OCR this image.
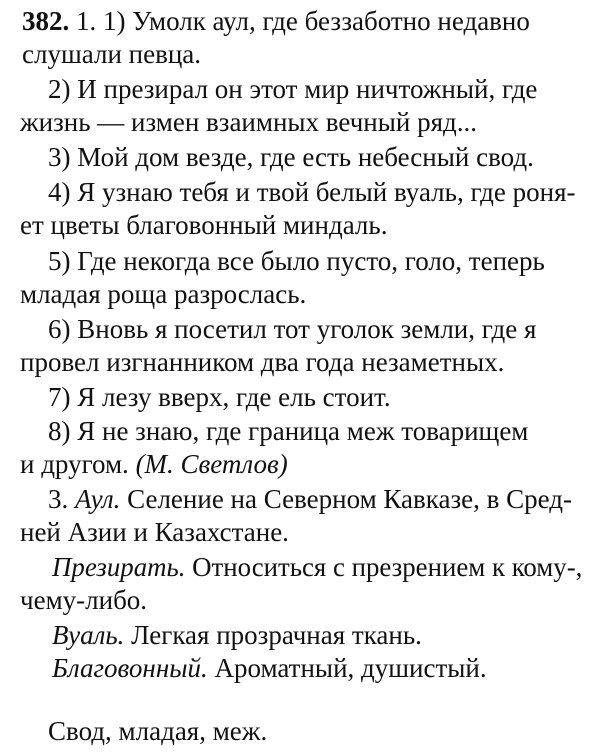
382. 1. 1) Умолк аул, где беззаботно недавно
слушали певца.
2) И презирал он этот мир ничтожный, где
жизнь — измен взаимных вечный ряд...
3) Мой дом везде, где есть небесный свод.
4) Я узнаю тебя и твой белый вуаль, где роня-
ет цветы благовонный миндаль.
5) Где некогда все было пусто, голо, теперь
младая роща разрослась.
6) Вновь я посетил тот уголок земли, где я
провел изгнанником два года незаметных.
7) Я лезу вверх, где ель стоит.
8) Я не знаю, где граница меж товарищем
и другом. (М. Светлов)
3. Аул. Селение на Северном Кавказе, в Сред-
ней Азии и Казахстане.
Презирать. Относиться с презрением к кому-,
чему-либо.
Вуаль. Легкая прозрачная ткань.
Благовонный. Ароматный, душистый.
Свод, младая, меж.
